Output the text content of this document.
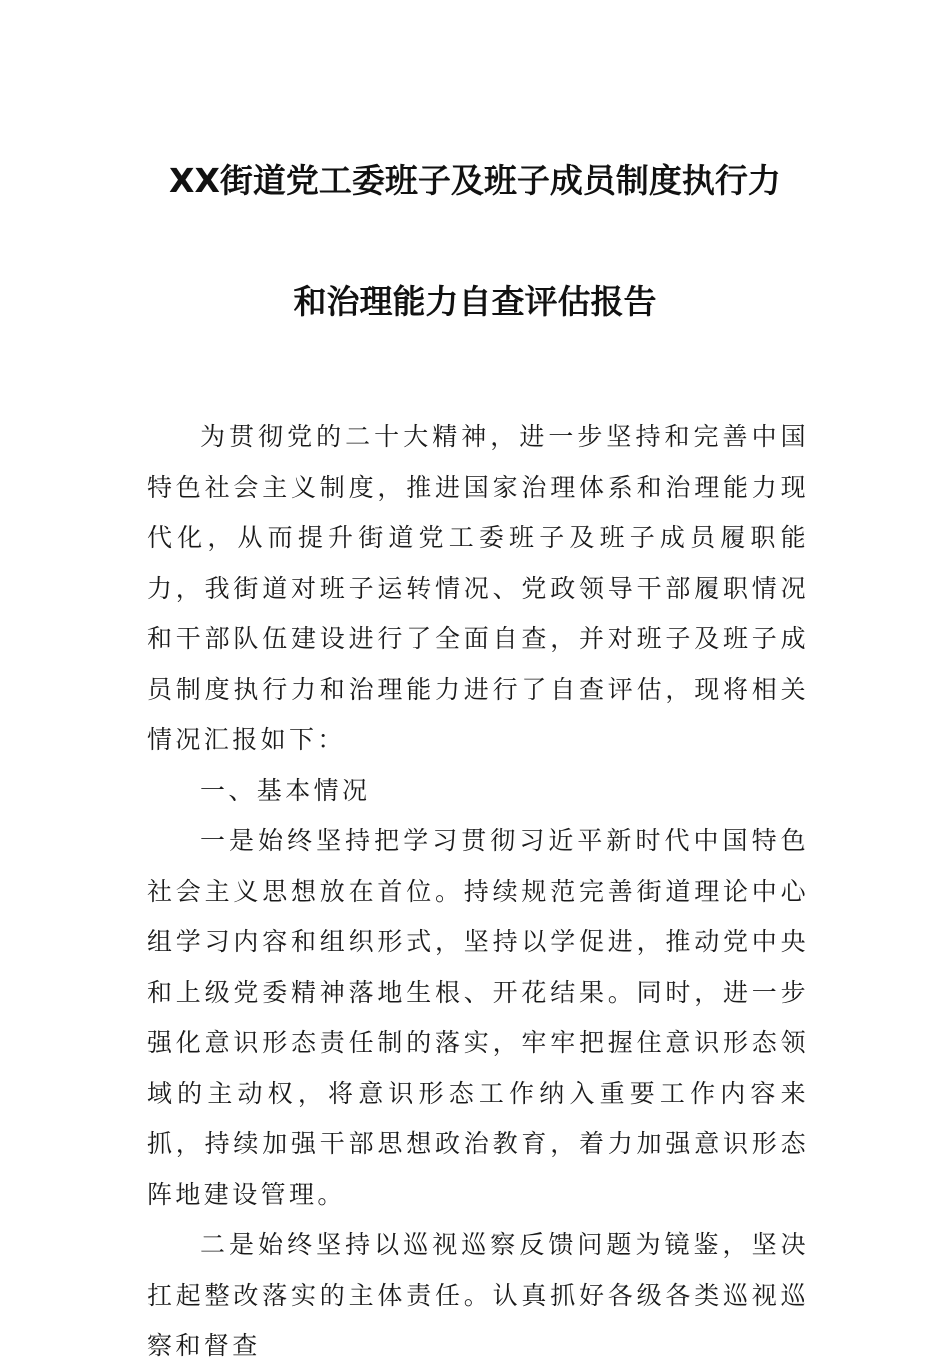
XX街道党工委班子及班子成员制度执行力
和治理能力自查评估报告

为贯彻党的二十大精神，进一步坚持和完善中国特色社会主义制度，推进国家治理体系和治理能力现代化，从而提升街道党工委班子及班子成员履职能力，我街道对班子运转情况、党政领导干部履职情况和干部队伍建设进行了全面自查，并对班子及班子成员制度执行力和治理能力进行了自查评估，现将相关情况汇报如下：

一、基本情况

一是始终坚持把学习贯彻习近平新时代中国特色社会主义思想放在首位。持续规范完善街道理论中心组学习内容和组织形式，坚持以学促进，推动党中央和上级党委精神落地生根、开花结果。同时，进一步强化意识形态责任制的落实，牢牢把握住意识形态领域的主动权，将意识形态工作纳入重要工作内容来抓，持续加强干部思想政治教育，着力加强意识形态阵地建设管理。

二是始终坚持以巡视巡察反馈问题为镜鉴，坚决扛起整改落实的主体责任。认真抓好各级各类巡视巡察和督查
